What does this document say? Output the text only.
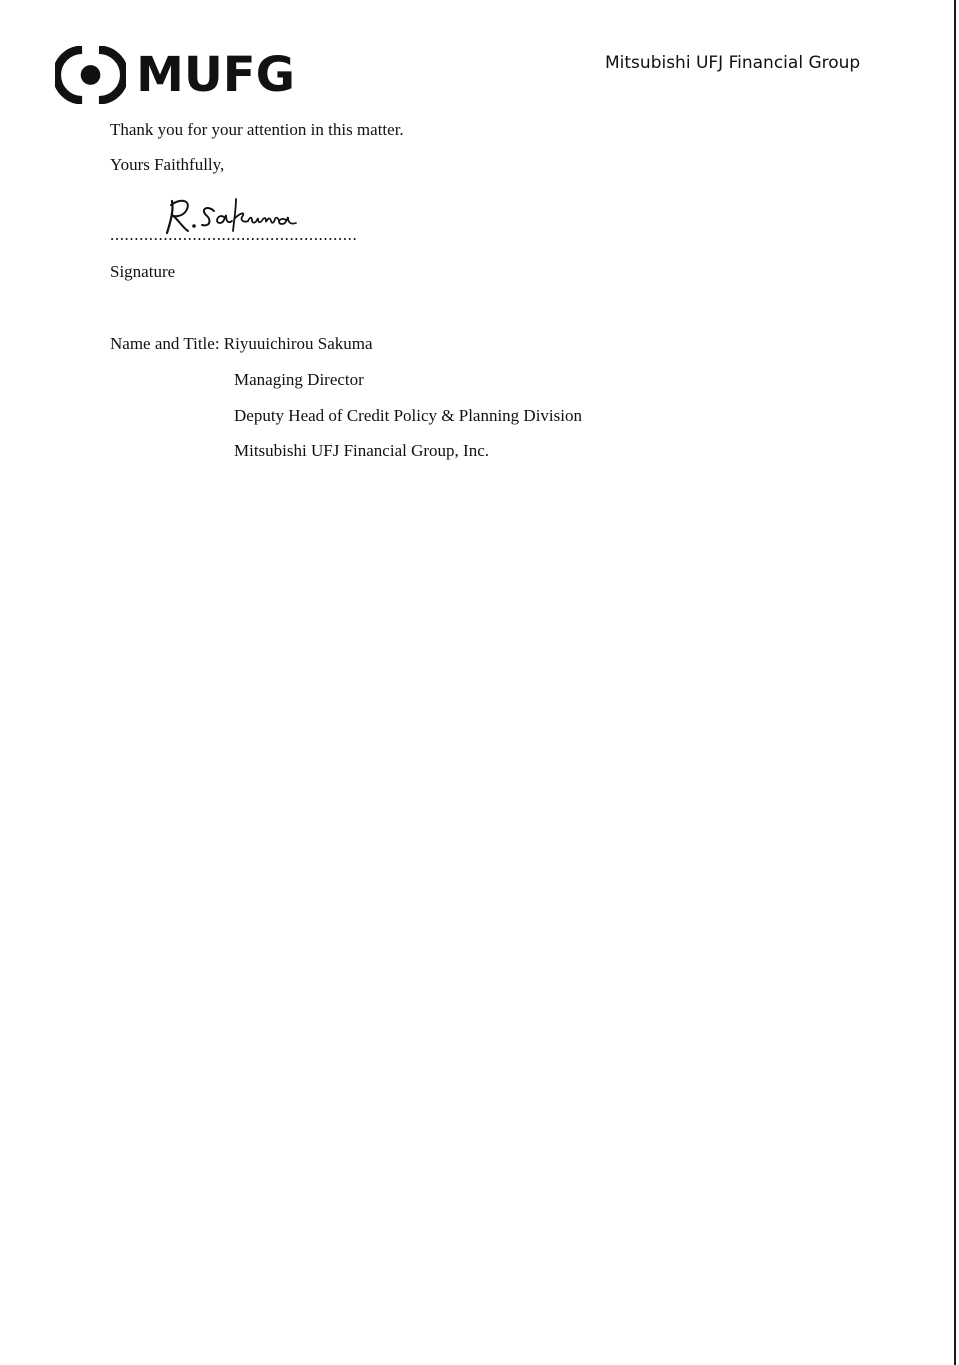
MUFG	Mitsubishi UFJ Financial Group
Thank you for your attention in this matter.
Yours Faithfully,
...................................................
Signature
Name and Title: Riyuuichirou Sakuma
Managing Director
Deputy Head of Credit Policy & Planning Division
Mitsubishi UFJ Financial Group, Inc.
